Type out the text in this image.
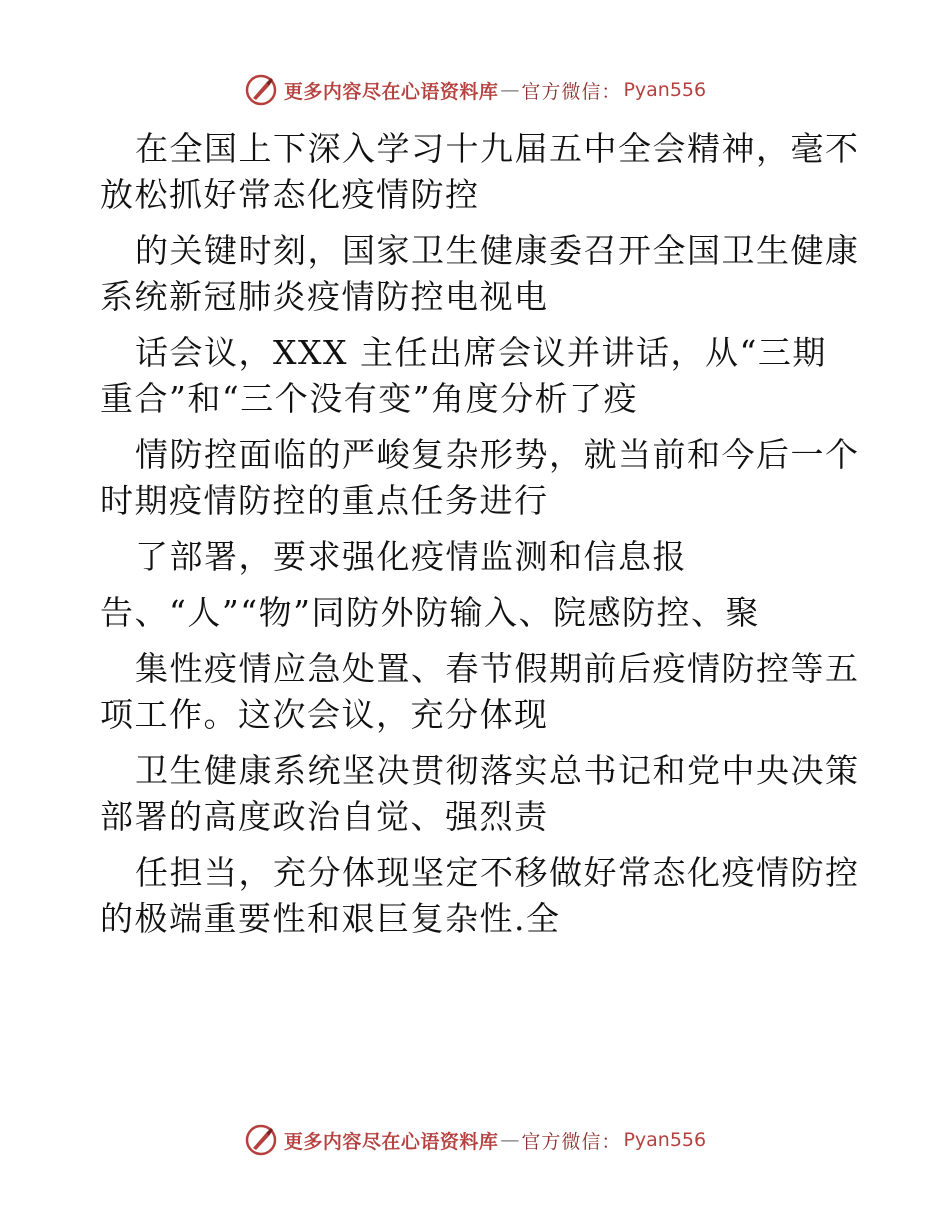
更多内容尽在心语资料库 — 官方微信： Pyan556

在全国上下深入学习十九届五中全会精神，毫不放松抓好常态化疫情防控

的关键时刻，国家卫生健康委召开全国卫生健康系统新冠肺炎疫情防控电视电

话会议，XXX 主任出席会议并讲话，从“三期重合”和“三个没有变”角度分析了疫

情防控面临的严峻复杂形势，就当前和今后一个时期疫情防控的重点任务进行

了部署，要求强化疫情监测和信息报

告、“人”“物”同防外防输入、院感防控、聚

集性疫情应急处置、春节假期前后疫情防控等五项工作。这次会议，充分体现

卫生健康系统坚决贯彻落实总书记和党中央决策部署的高度政治自觉、强烈责

任担当，充分体现坚定不移做好常态化疫情防控的极端重要性和艰巨复杂性.全

更多内容尽在心语资料库 — 官方微信： Pyan556
